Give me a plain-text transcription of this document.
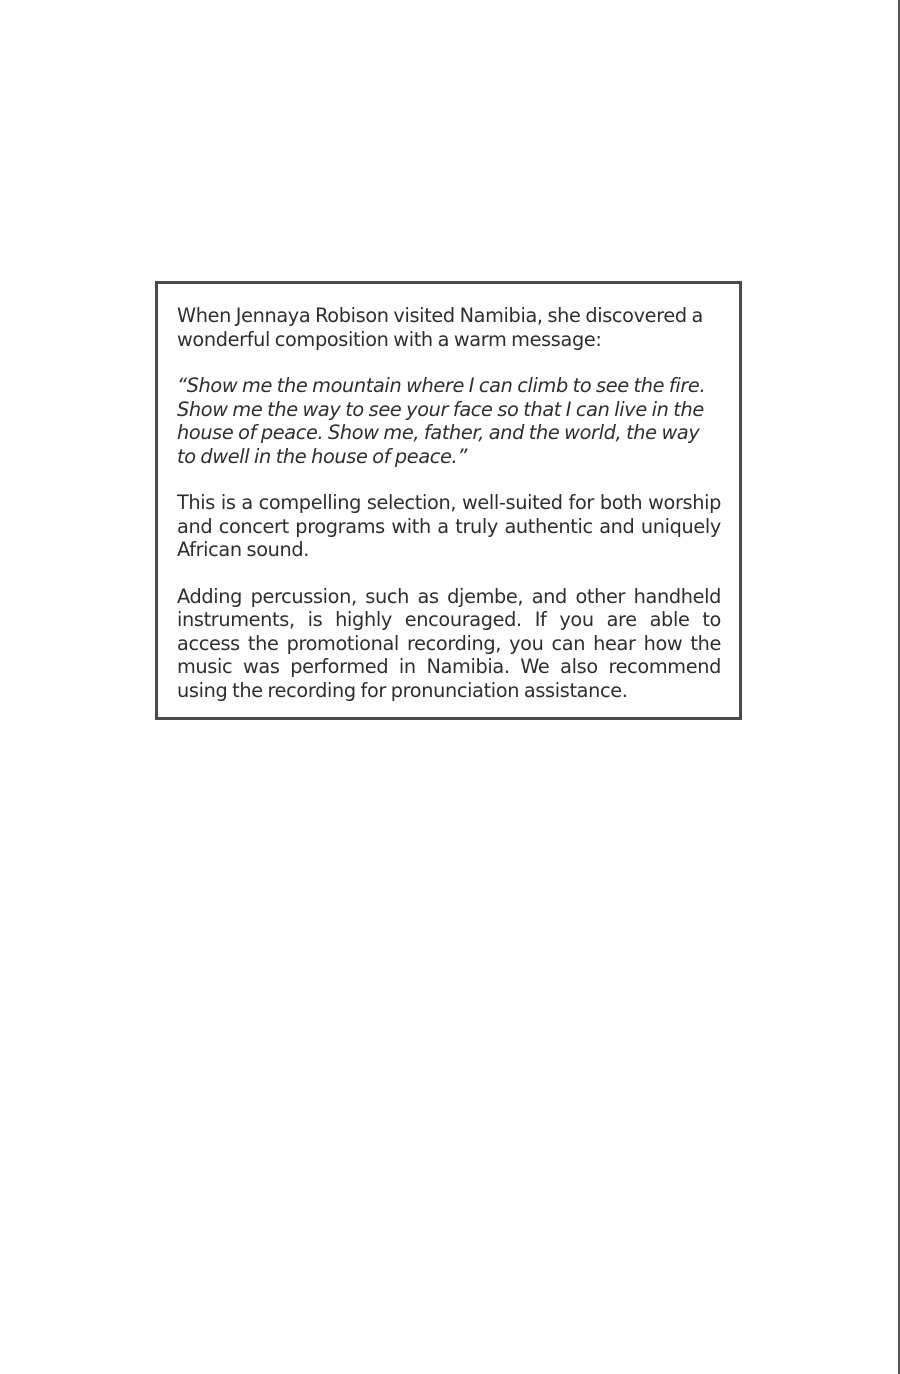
When Jennaya Robison visited Namibia, she discovered a wonderful composition with a warm message:

“Show me the mountain where I can climb to see the fire. Show me the way to see your face so that I can live in the house of peace. Show me, father, and the world, the way to dwell in the house of peace.”

This is a compelling selection, well-suited for both worship and concert programs with a truly authentic and uniquely African sound.

Adding percussion, such as djembe, and other handheld instruments, is highly encouraged. If you are able to access the promotional recording, you can hear how the music was performed in Namibia. We also recommend using the recording for pronunciation assistance.
